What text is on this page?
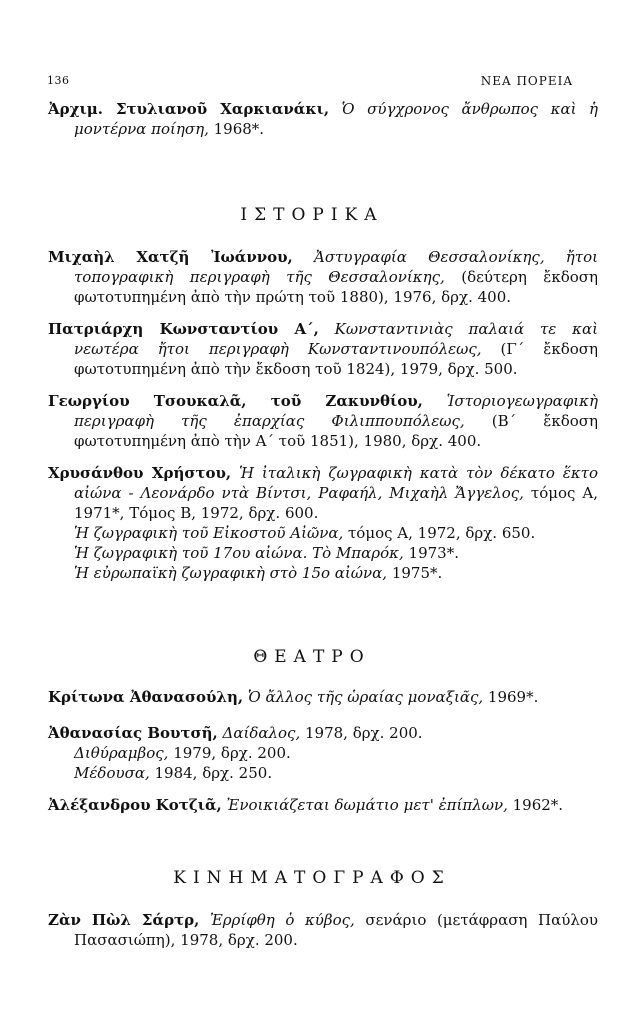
136	ΝΕΑ ΠΟΡΕΙΑ
Ἀρχιμ. Στυλιανοῦ Χαρκιανάκι, Ὁ σύγχρονος ἄνθρωπος καὶ ἡ μοντέρνα ποίηση, 1968*.
ΙΣΤΟΡΙΚΑ
Μιχαὴλ Χατζῆ Ἰωάννου, Ἀστυγραφία Θεσσαλονίκης, ἤτοι τοπογραφικὴ περιγραφὴ τῆς Θεσσαλονίκης, (δεύτερη ἔκδοση φωτοτυπημένη ἀπὸ τὴν πρώτη τοῦ 1880), 1976, δρχ. 400.
Πατριάρχη Κωνσταντίου Α΄, Κωνσταντινιὰς παλαιά τε καὶ νεωτέρα ἤτοι περιγραφὴ Κωνσταντινουπόλεως, (Γ΄ ἔκδοση φωτοτυπημένη ἀπὸ τὴν ἔκδοση τοῦ 1824), 1979, δρχ. 500.
Γεωργίου Τσουκαλᾶ, τοῦ Ζακυνθίου, Ἱστοριογεωγραφικὴ περιγραφὴ τῆς ἐπαρχίας Φιλιππουπόλεως, (Β΄ ἔκδοση φωτοτυπημένη ἀπὸ τὴν Α΄ τοῦ 1851), 1980, δρχ. 400.
Χρυσάνθου Χρήστου, Ἡ ἰταλικὴ ζωγραφικὴ κατὰ τὸν δέκατο ἕκτο αἰώνα - Λεονάρδο ντὰ Βίντσι, Ραφαήλ, Μιχαὴλ Ἄγγελος, τόμος Α, 1971*, Τόμος Β, 1972, δρχ. 600.
Ἡ ζωγραφικὴ τοῦ Εἰκοστοῦ Αἰῶνα, τόμος Α, 1972, δρχ. 650.
Ἡ ζωγραφικὴ τοῦ 17ου αἰώνα. Τὸ Μπαρόκ, 1973*.
Ἡ εὐρωπαϊκὴ ζωγραφικὴ στὸ 15ο αἰώνα, 1975*.
ΘΕΑΤΡΟ
Κρίτωνα Ἀθανασούλη, Ὁ ἄλλος τῆς ὡραίας μοναξιᾶς, 1969*.
Ἀθανασίας Βουτσῆ, Δαίδαλος, 1978, δρχ. 200.
Διθύραμβος, 1979, δρχ. 200.
Μέδουσα, 1984, δρχ. 250.
Ἀλέξανδρου Κοτζιᾶ, Ἐνοικιάζεται δωμάτιο μετ' ἐπίπλων, 1962*.
ΚΙΝΗΜΑΤΟΓΡΑΦΟΣ
Ζὰν Πὼλ Σάρτρ, Ἐρρίφθη ὁ κύβος, σενάριο (μετάφραση Παύλου Πασασιώπη), 1978, δρχ. 200.
